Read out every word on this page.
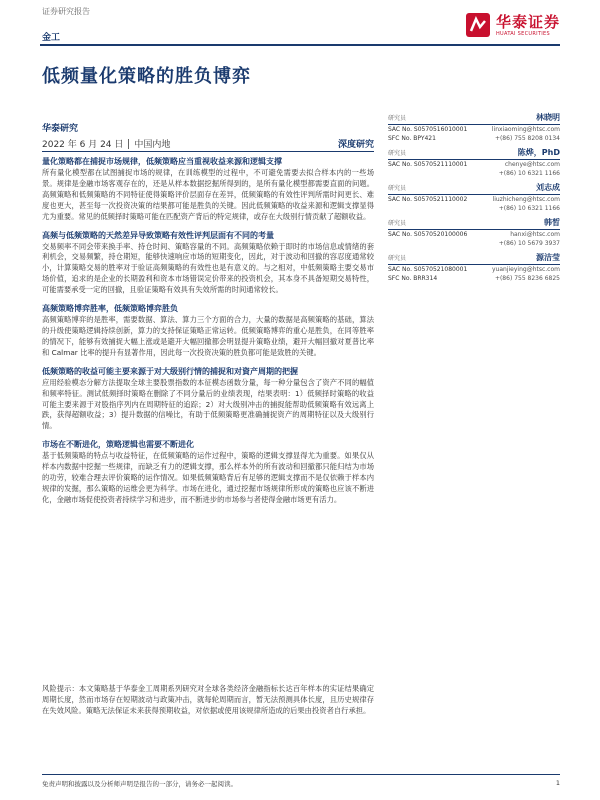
证券研究报告
金工
华泰证券
HUATAI SECURITIES
低频量化策略的胜负博弈
华泰研究
2022 年 6 月 24 日 中国内地	深度研究
量化策略都在捕捉市场规律，低频策略应当重视收益来源和逻辑支撑
所有量化模型都在试图捕捉市场的规律，在训练模型的过程中，不可避免需要去拟合样本内的一些场景。规律是金融市场客观存在的，还是从样本数据挖掘所得到的，是所有量化模型都需要直面的问题。高频策略和低频策略的不同特征使得策略评价层面存在差异，低频策略的有效性评判所需时间更长、难度也更大，甚至每一次投资决策的结果都可能是胜负的关键。因此低频策略的收益来源和逻辑支撑显得尤为重要。常见的低频择时策略可能在匹配资产背后的特定规律，或存在大级别行情贡献了超额收益。
高频与低频策略的天然差异导致策略有效性评判层面有不同的考量
交易频率不同会带来换手率、持仓时间、策略容量的不同。高频策略依赖于即时的市场信息或情绪的套利机会，交易频繁，持仓期短，能够快速响应市场的短期变化，因此，对于波动和回撤的容忍度通常较小，计算策略交易的胜率对于验证高频策略的有效性也是有意义的。与之相对，中低频策略主要交易市场价值，追求的是企业的长期盈利和资本市场错误定价带来的投资机会，其本身不具备短期交易特性，可能需要承受一定的回撤，且验证策略有效具有失效所需的时间通常较长。
高频策略博弈胜率，低频策略博弈胜负
高频策略博弈的是胜率，需要数据、算法、算力三个方面的合力，大量的数据是高频策略的基础，算法的升级使策略逻辑持续创新，算力的支持保证策略正常运转。低频策略博弈的重心是胜负，在同等胜率的情况下，能够有效捕捉大幅上涨或是避开大幅回撤都会明显提升策略业绩，避开大幅回撤对夏普比率和 Calmar 比率的提升有显著作用，因此每一次投资决策的胜负都可能是致胜的关键。
低频策略的收益可能主要来源于对大级别行情的捕捉和对資产周期的把握
应用经验模态分解方法提取全球主要股票指数的本征模态函数分量，每一种分量包含了资产不同的幅值和频率特征。测试低频择时策略在删除了不同分量后的业绩表现，结果表明：1）低频择时策略的收益可能主要来源于对股指序列内在周期特征的追踪；2）对大级别冲击的捕捉能帮助低频策略有效远离上跌，获得超额收益；3）提升数据的信噪比，有助于低频策略更准确捕捉资产的周期特征以及大级别行情。
市场在不断进化，策略逻辑也需要不断进化
基于低频策略的特点与收益特征，在低频策略的运作过程中，策略的逻辑支撑显得尤为重要。如果仅从样本内数据中挖掘一些规律，而缺乏有力的逻辑支撑，那么样本外的所有波动和回撤都只能归结为市场的功劳，较难合理去评价策略的运作情况。如果低频策略背后有足够的逻辑支撑而不是仅依赖于样本内规律的发掘，那么策略的运维会更为科学。市场在进化，通过挖掘市场规律所形成的策略也应该不断进化，金融市场促使投资者持续学习和进步，而不断进步的市场参与者使得金融市场更有活力。
风险提示：本文策略基于华泰金工周期系列研究对全球各类经济金融指标长达百年样本的实证结果确定周期长度，然而市场存在短期波动与政策冲击，就每轮周期而言，暂无法预测具体长度，且历史规律存在失效风险。策略无法保证未来获得预期收益，对依据或使用该规律所造成的后果由投资者自行承担。
研究员	林晓明
SAC No. S0570516010001	linxiaoming@htsc.com
SFC No. BPY421	+(86) 755 8208 0134
研究员	陈烨，PhD
SAC No. S0570521110001	chenye@htsc.com
+(86) 10 6321 1166
研究员	刘志成
SAC No. S0570521110002	liuzhicheng@htsc.com
+(86) 10 6321 1166
研究员	韩晳
SAC No. S0570520100006	hanxi@htsc.com
+(86) 10 5679 3937
研究员	源洁莹
SAC No. S0570521080001	yuanjieying@htsc.com
SFC No. BRR314	+(86) 755 8236 6825
免责声明和披露以及分析师声明是报告的一部分，请务必一起阅读。	1
